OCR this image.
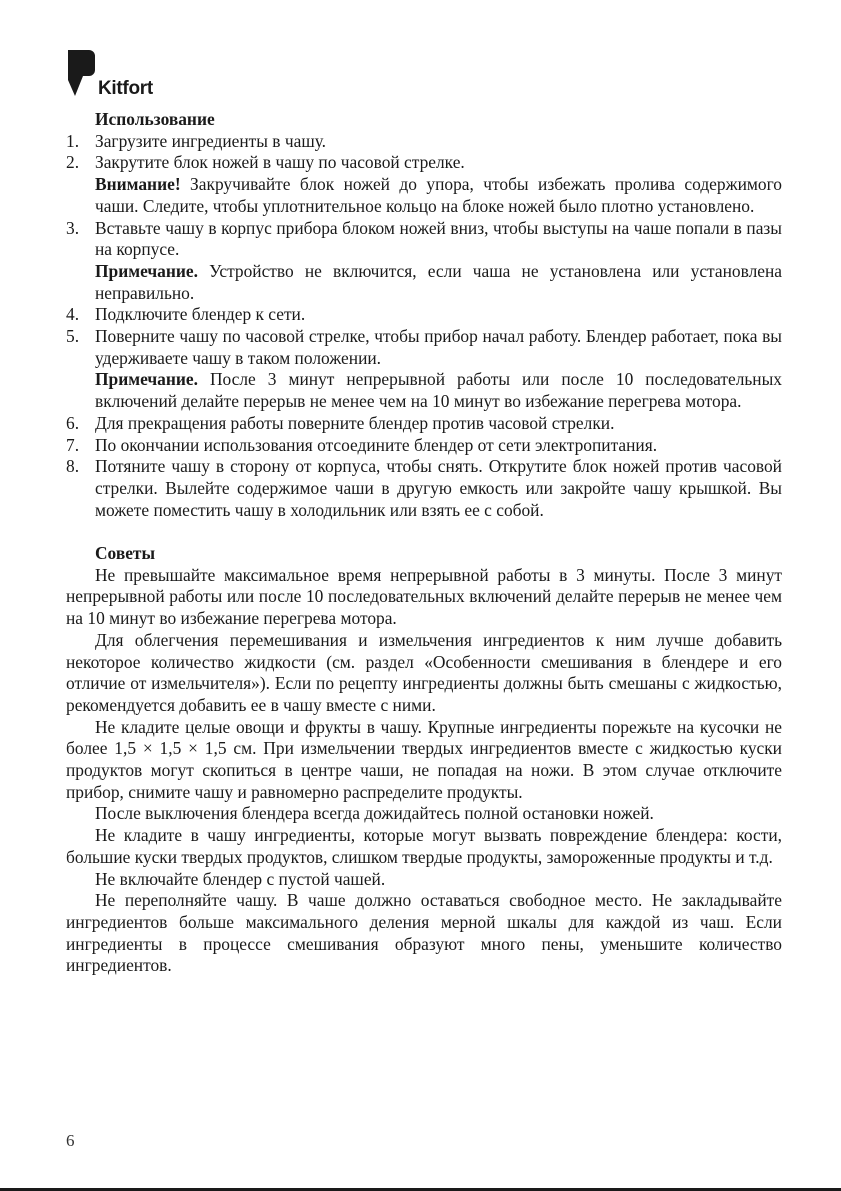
Kitfort
Использование
1. Загрузите ингредиенты в чашу.

2. Закрутите блок ножей в чашу по часовой стрелке.

Внимание! Закручивайте блок ножей до упора, чтобы избежать пролива содержимого чаши. Следите, чтобы уплотнительное кольцо на блоке ножей было плотно установлено.

3. Вставьте чашу в корпус прибора блоком ножей вниз, чтобы выступы на чаше попали в пазы на корпусе.

Примечание. Устройство не включится, если чаша не установлена или установлена неправильно.

4. Подключите блендер к сети.

5. Поверните чашу по часовой стрелке, чтобы прибор начал работу. Блендер работает, пока вы удерживаете чашу в таком положении.

Примечание. После 3 минут непрерывной работы или после 10 последовательных включений делайте перерыв не менее чем на 10 минут во избежание перегрева мотора.

6. Для прекращения работы поверните блендер против часовой стрелки.

7. По окончании использования отсоедините блендер от сети электропитания.

8. Потяните чашу в сторону от корпуса, чтобы снять. Открутите блок ножей против часовой стрелки. Вылейте содержимое чаши в другую емкость или закройте чашу крышкой. Вы можете поместить чашу в холодильник или взять ее с собой.

Советы

Не превышайте максимальное время непрерывной работы в 3 минуты. После 3 минут непрерывной работы или после 10 последовательных включений делайте перерыв не менее чем на 10 минут во избежание перегрева мотора.

Для облегчения перемешивания и измельчения ингредиентов к ним лучше добавить некоторое количество жидкости (см. раздел «Особенности смешивания в блендере и его отличие от измельчителя»). Если по рецепту ингредиенты должны быть смешаны с жидкостью, рекомендуется добавить ее в чашу вместе с ними.

Не кладите целые овощи и фрукты в чашу. Крупные ингредиенты порежьте на кусочки не более 1,5 × 1,5 × 1,5 см. При измельчении твердых ингредиентов вместе с жидкостью куски продуктов могут скопиться в центре чаши, не попадая на ножи. В этом случае отключите прибор, снимите чашу и равномерно распределите продукты.

После выключения блендера всегда дожидайтесь полной остановки ножей.

Не кладите в чашу ингредиенты, которые могут вызвать повреждение блендера: кости, большие куски твердых продуктов, слишком твердые продукты, замороженные продукты и т.д.

Не включайте блендер с пустой чашей.

Не переполняйте чашу. В чаше должно оставаться свободное место. Не закладывайте ингредиентов больше максимального деления мерной шкалы для каждой из чаш. Если ингредиенты в процессе смешивания образуют много пены, уменьшите количество ингредиентов.

6
